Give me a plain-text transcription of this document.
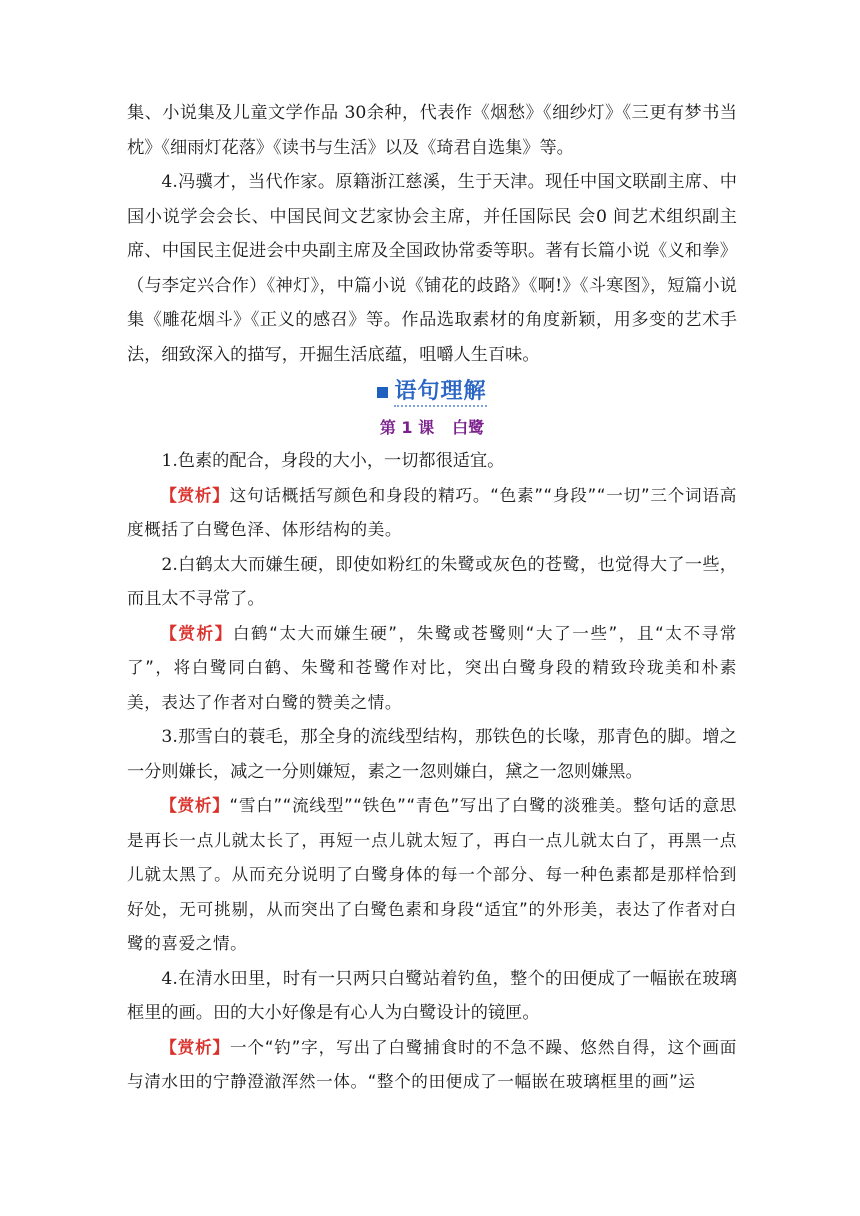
集、小说集及儿童文学作品 30余种，代表作《烟愁》《细纱灯》《三更有梦书当枕》《细雨灯花落》《读书与生活》以及《琦君自选集》等。

4.冯骥才，当代作家。原籍浙江慈溪，生于天津。现任中国文联副主席、中国小说学会会长、中国民间文艺家协会主席，并任国际民 会0 间艺术组织副主席、中国民主促进会中央副主席及全国政协常委等职。著有长篇小说《义和拳》（与李定兴合作）《神灯》，中篇小说《铺花的歧路》《啊!》《斗寒图》，短篇小说集《雕花烟斗》《正义的感召》等。作品选取素材的角度新颖，用多变的艺术手法，细致深入的描写，开掘生活底蕴，咀嚼人生百味。

语句理解

第 1 课 白鹭

1.色素的配合，身段的大小，一切都很适宜。

【赏析】这句话概括写颜色和身段的精巧。“色素”“身段”“一切”三个词语高度概括了白鹭色泽、体形结构的美。

2.白鹤太大而嫌生硬，即使如粉红的朱鹭或灰色的苍鹭，也觉得大了一些，而且太不寻常了。

【赏析】白鹤“太大而嫌生硬”，朱鹭或苍鹭则“大了一些”，且“太不寻常了”，将白鹭同白鹤、朱鹭和苍鹭作对比，突出白鹭身段的精致玲珑美和朴素美，表达了作者对白鹭的赞美之情。

3.那雪白的蓑毛，那全身的流线型结构，那铁色的长喙，那青色的脚。增之一分则嫌长，减之一分则嫌短，素之一忽则嫌白，黛之一忽则嫌黑。

【赏析】“雪白”“流线型”“铁色”“青色”写出了白鹭的淡雅美。整句话的意思是再长一点儿就太长了，再短一点儿就太短了，再白一点儿就太白了，再黑一点儿就太黑了。从而充分说明了白鹭身体的每一个部分、每一种色素都是那样恰到好处，无可挑剔，从而突出了白鹭色素和身段“适宜”的外形美，表达了作者对白鹭的喜爱之情。

4.在清水田里，时有一只两只白鹭站着钓鱼，整个的田便成了一幅嵌在玻璃框里的画。田的大小好像是有心人为白鹭设计的镜匣。

【赏析】一个“钓”字，写出了白鹭捕食时的不急不躁、悠然自得，这个画面与清水田的宁静澄澈浑然一体。“整个的田便成了一幅嵌在玻璃框里的画”运
